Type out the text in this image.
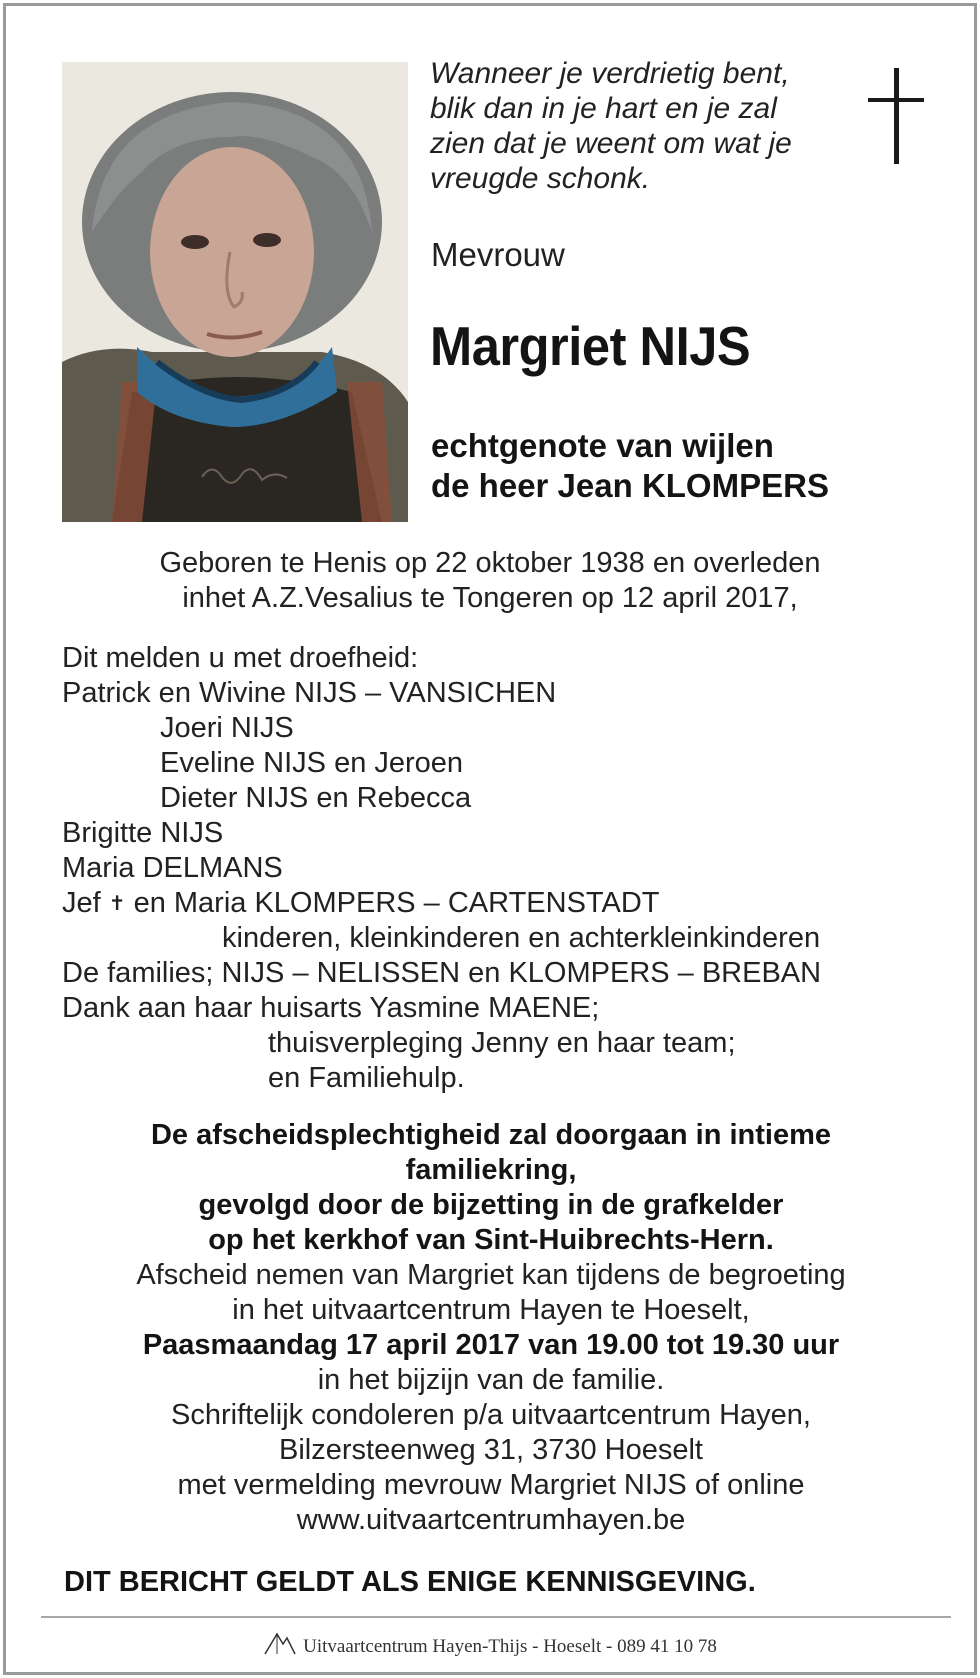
Wanneer je verdrietig bent,
blik dan in je hart en je zal
zien dat je weent om wat je
vreugde schonk.
Mevrouw
Margriet NIJS
echtgenote van wijlen
de heer Jean KLOMPERS
Geboren te Henis op 22 oktober 1938 en overleden
inhet A.Z.Vesalius te Tongeren op 12 april 2017,
Dit melden u met droefheid:
Patrick en Wivine NIJS – VANSICHEN
Joeri NIJS
Eveline NIJS en Jeroen
Dieter NIJS en Rebecca
Brigitte NIJS
Maria DELMANS
Jef ✝ en Maria KLOMPERS – CARTENSTADT
kinderen, kleinkinderen en achterkleinkinderen
De families; NIJS – NELISSEN en KLOMPERS – BREBAN
Dank aan haar huisarts Yasmine MAENE;
thuisverpleging Jenny en haar team;
en Familiehulp.
De afscheidsplechtigheid zal doorgaan in intieme
familiekring,
gevolgd door de bijzetting in de grafkelder
op het kerkhof van Sint-Huibrechts-Hern.
Afscheid nemen van Margriet kan tijdens de begroeting
in het uitvaartcentrum Hayen te Hoeselt,
Paasmaandag 17 april 2017 van 19.00 tot 19.30 uur
in het bijzijn van de familie.
Schriftelijk condoleren p/a uitvaartcentrum Hayen,
Bilzersteenweg 31, 3730 Hoeselt
met vermelding mevrouw Margriet NIJS of online
www.uitvaartcentrumhayen.be
DIT BERICHT GELDT ALS ENIGE KENNISGEVING.
Uitvaartcentrum Hayen-Thijs - Hoeselt - 089 41 10 78
